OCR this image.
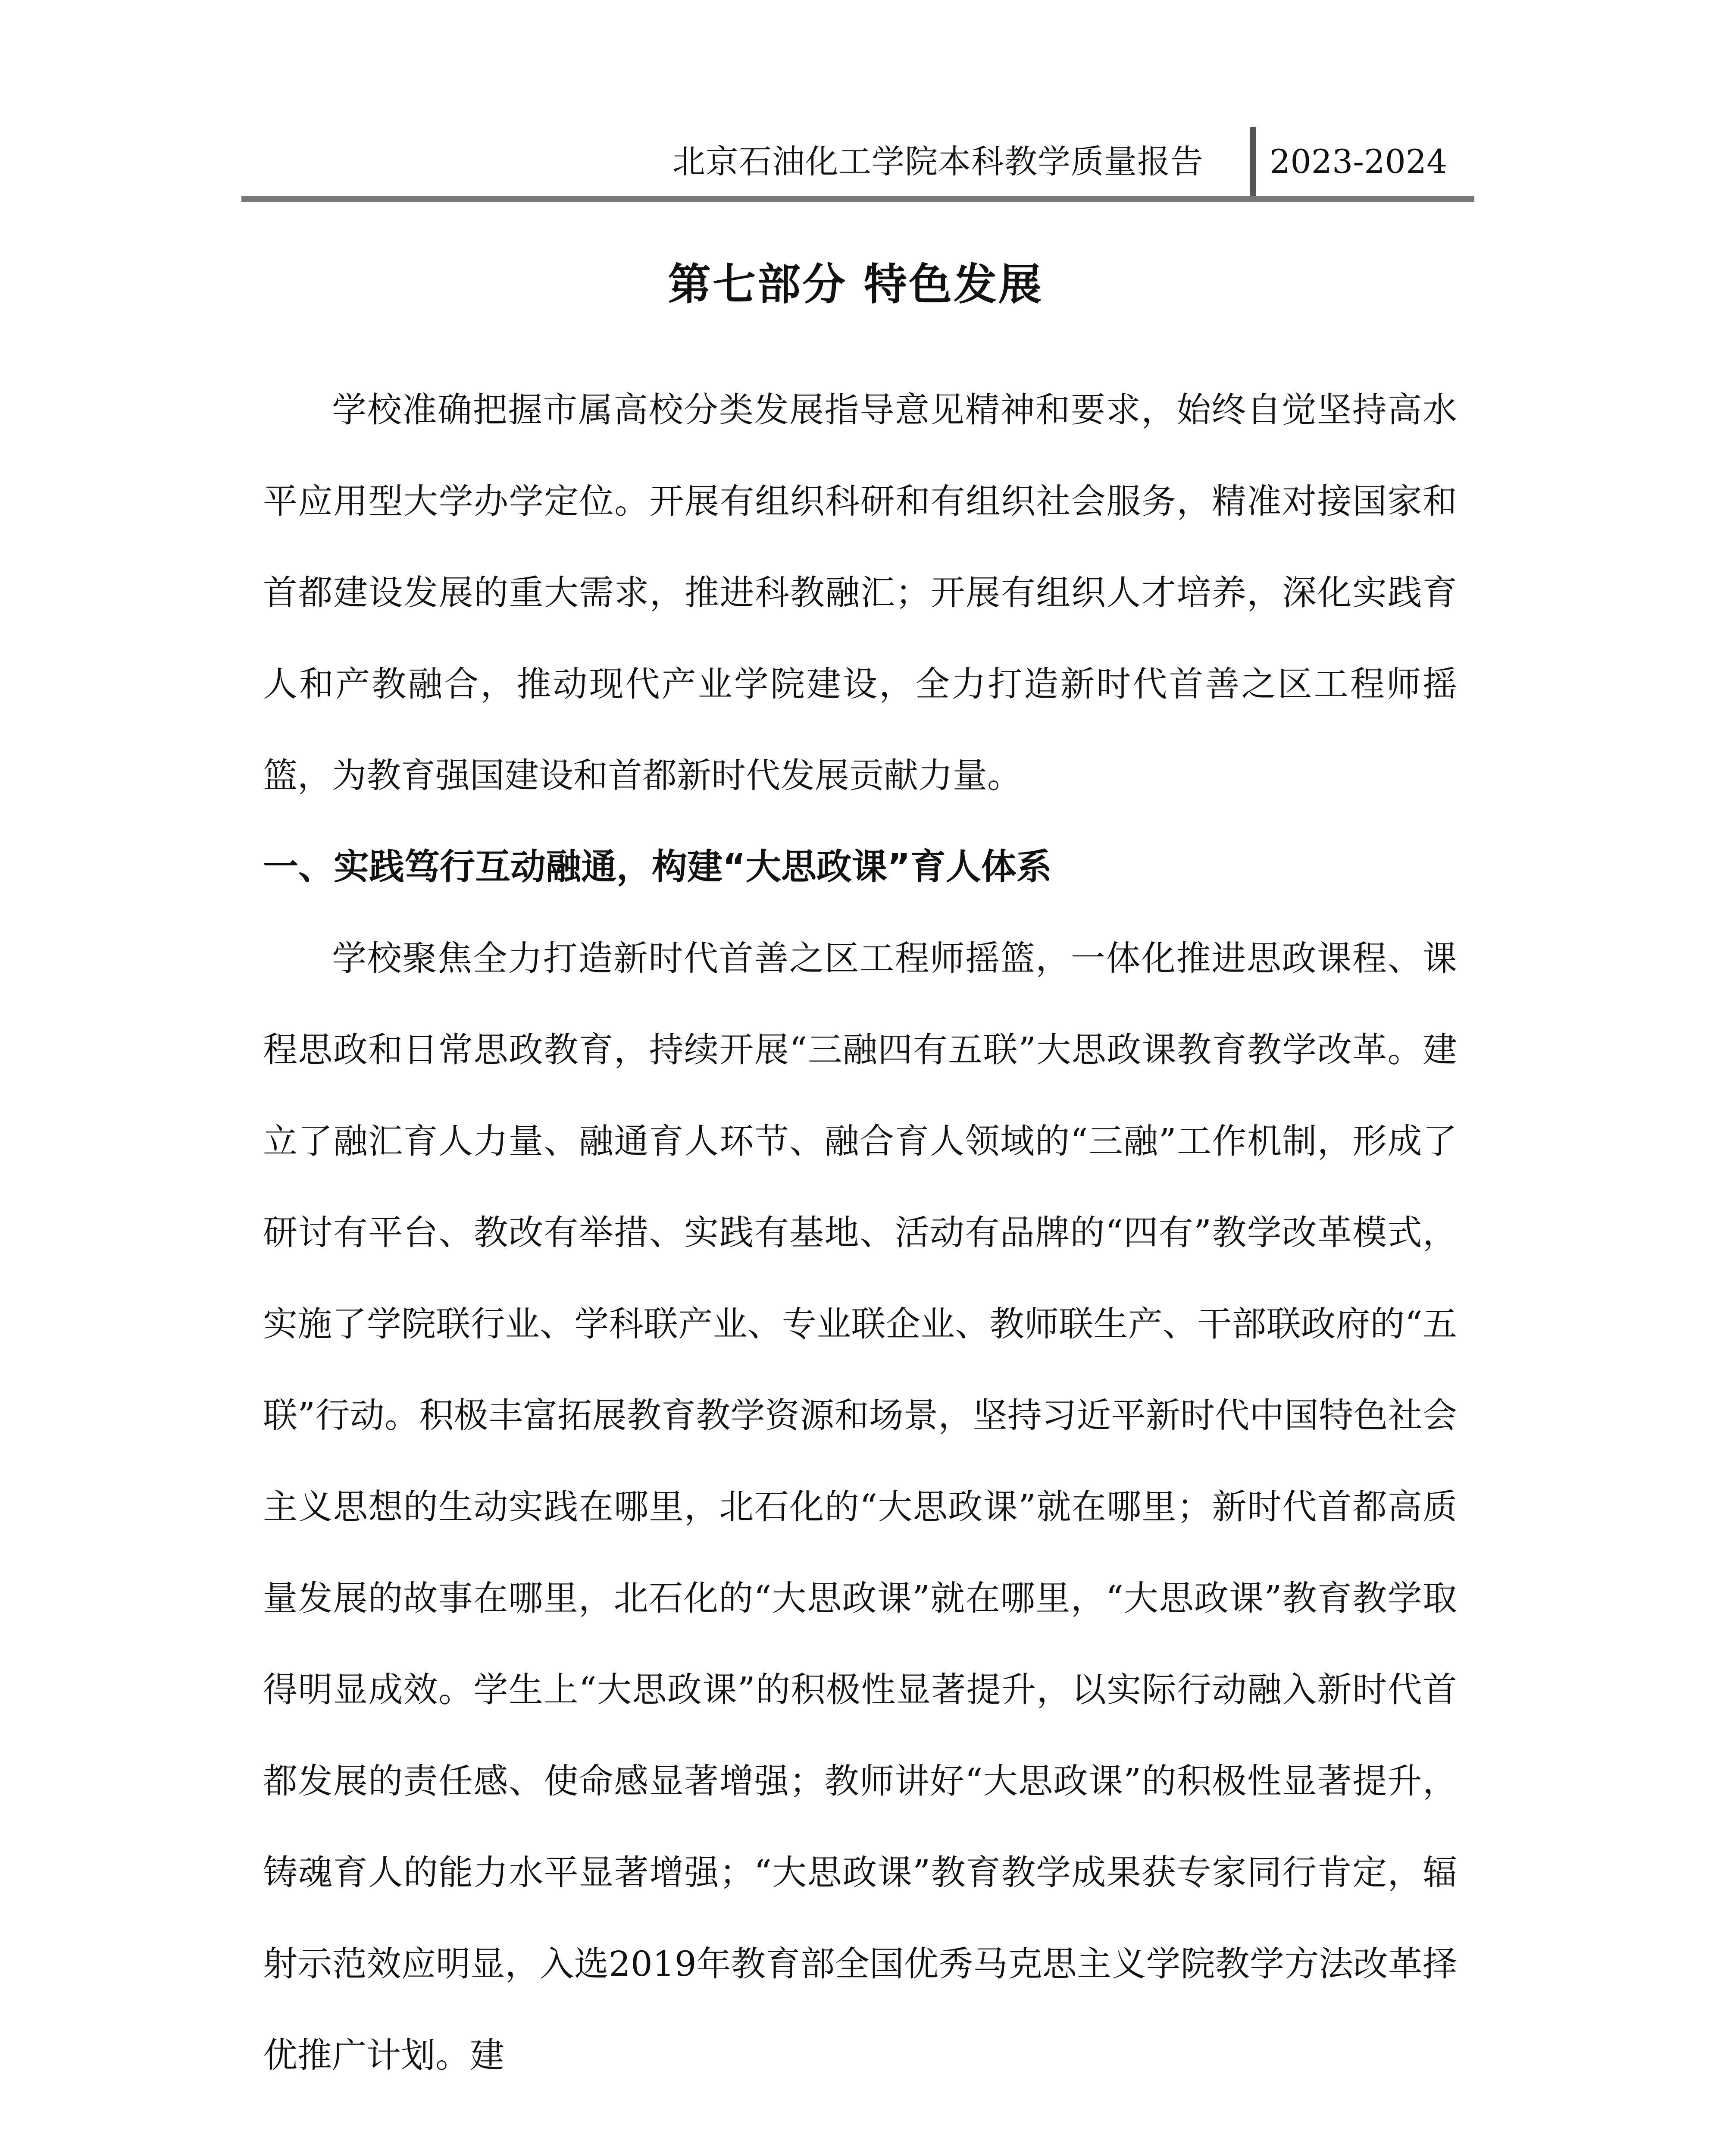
北京石油化工学院本科教学质量报告	2023-2024
第七部分 特色发展

学校准确把握市属高校分类发展指导意见精神和要求，始终自觉坚持高水平应用型大学办学定位。开展有组织科研和有组织社会服务，精准对接国家和首都建设发展的重大需求，推进科教融汇；开展有组织人才培养，深化实践育人和产教融合，推动现代产业学院建设，全力打造新时代首善之区工程师摇篮，为教育强国建设和首都新时代发展贡献力量。

一、实践笃行互动融通，构建“大思政课”育人体系

学校聚焦全力打造新时代首善之区工程师摇篮，一体化推进思政课程、课程思政和日常思政教育，持续开展“三融四有五联”大思政课教育教学改革。建立了融汇育人力量、融通育人环节、融合育人领域的“三融”工作机制，形成了研讨有平台、教改有举措、实践有基地、活动有品牌的“四有”教学改革模式，实施了学院联行业、学科联产业、专业联企业、教师联生产、干部联政府的“五联”行动。积极丰富拓展教育教学资源和场景，坚持习近平新时代中国特色社会主义思想的生动实践在哪里，北石化的“大思政课”就在哪里；新时代首都高质量发展的故事在哪里，北石化的“大思政课”就在哪里，“大思政课”教育教学取得明显成效。学生上“大思政课”的积极性显著提升，以实际行动融入新时代首都发展的责任感、使命感显著增强；教师讲好“大思政课”的积极性显著提升，铸魂育人的能力水平显著增强；“大思政课”教育教学成果获专家同行肯定，辐射示范效应明显，入选2019年教育部全国优秀马克思主义学院教学方法改革择优推广计划。建
